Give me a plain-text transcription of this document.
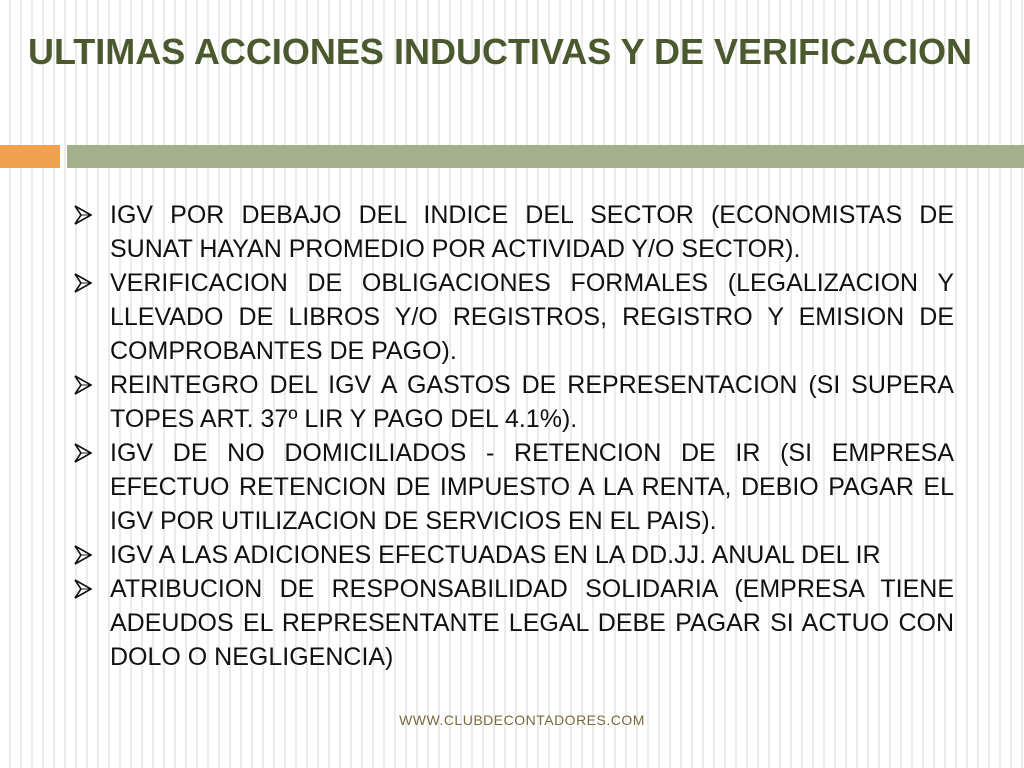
ULTIMAS ACCIONES INDUCTIVAS Y DE VERIFICACION
IGV POR DEBAJO DEL INDICE DEL SECTOR (ECONOMISTAS DE SUNAT HAYAN PROMEDIO POR ACTIVIDAD Y/O SECTOR).
VERIFICACION DE OBLIGACIONES FORMALES (LEGALIZACION Y LLEVADO DE LIBROS Y/O REGISTROS, REGISTRO Y EMISION DE COMPROBANTES DE PAGO).
REINTEGRO DEL IGV A GASTOS DE REPRESENTACION (SI SUPERA TOPES ART. 37º LIR Y PAGO DEL 4.1%).
IGV DE NO DOMICILIADOS - RETENCION DE IR (SI EMPRESA EFECTUO RETENCION DE IMPUESTO A LA RENTA, DEBIO PAGAR EL IGV POR UTILIZACION DE SERVICIOS EN EL PAIS).
IGV A LAS ADICIONES EFECTUADAS EN LA DD.JJ. ANUAL DEL IR
ATRIBUCION DE RESPONSABILIDAD SOLIDARIA (EMPRESA TIENE ADEUDOS EL REPRESENTANTE LEGAL DEBE PAGAR SI ACTUO CON DOLO O NEGLIGENCIA)
WWW.CLUBDECONTADORES.COM
